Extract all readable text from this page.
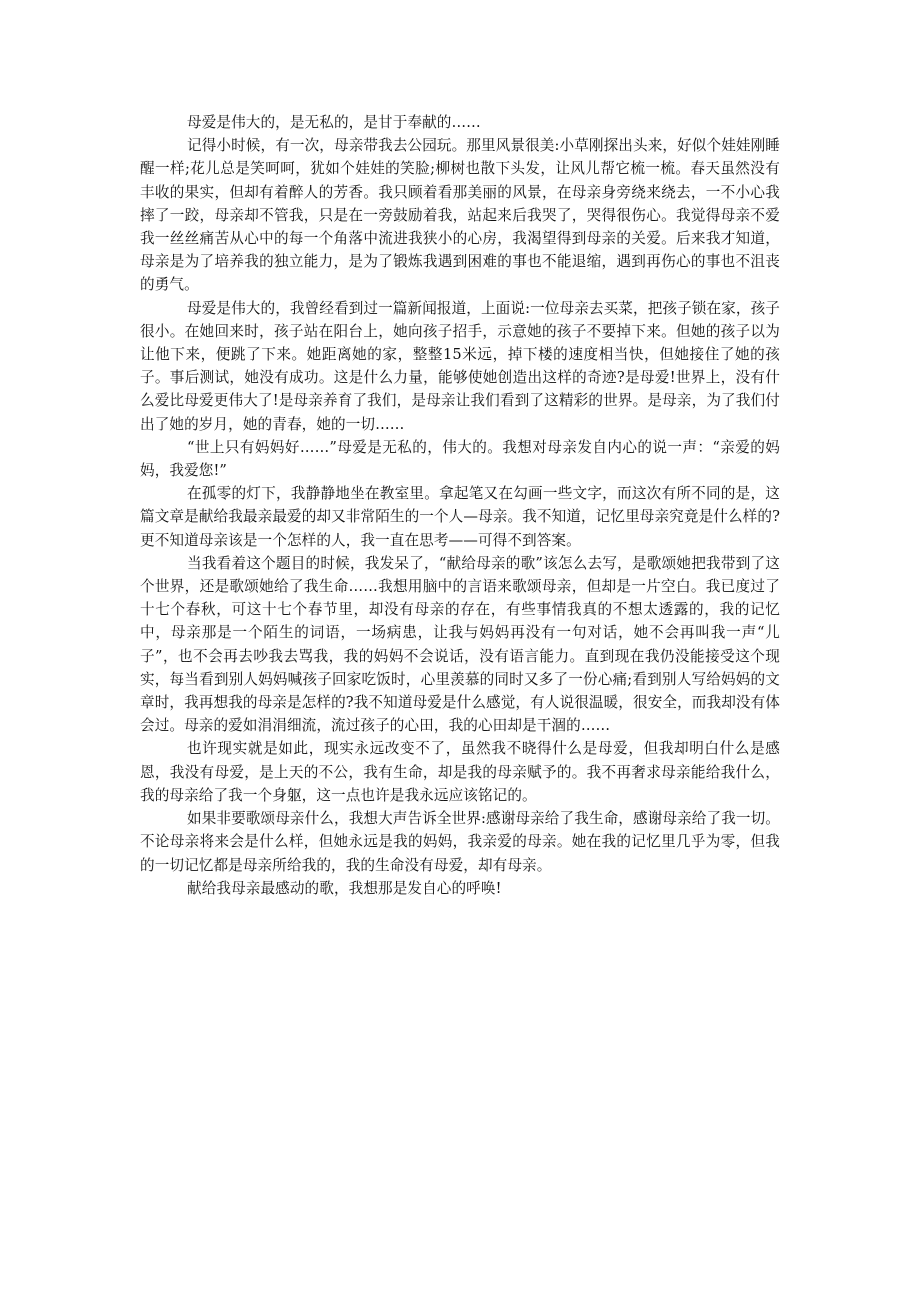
母爱是伟大的，是无私的，是甘于奉献的……

记得小时候，有一次，母亲带我去公园玩。那里风景很美:小草刚探出头来，好似个娃娃刚睡醒一样;花儿总是笑呵呵，犹如个娃娃的笑脸;柳树也散下头发，让风儿帮它梳一梳。春天虽然没有丰收的果实，但却有着醉人的芳香。我只顾着看那美丽的风景，在母亲身旁绕来绕去，一不小心我摔了一跤，母亲却不管我，只是在一旁鼓励着我，站起来后我哭了，哭得很伤心。我觉得母亲不爱我一丝丝痛苦从心中的每一个角落中流进我狭小的心房，我渴望得到母亲的关爱。后来我才知道，母亲是为了培养我的独立能力，是为了锻炼我遇到困难的事也不能退缩，遇到再伤心的事也不沮丧的勇气。

母爱是伟大的，我曾经看到过一篇新闻报道，上面说:一位母亲去买菜，把孩子锁在家，孩子很小。在她回来时，孩子站在阳台上，她向孩子招手，示意她的孩子不要掉下来。但她的孩子以为让他下来，便跳了下来。她距离她的家，整整15米远，掉下楼的速度相当快，但她接住了她的孩子。事后测试，她没有成功。这是什么力量，能够使她创造出这样的奇迹?是母爱!世界上，没有什么爱比母爱更伟大了!是母亲养育了我们，是母亲让我们看到了这精彩的世界。是母亲，为了我们付出了她的岁月，她的青春，她的一切……

“世上只有妈妈好……”母爱是无私的，伟大的。我想对母亲发自内心的说一声：“亲爱的妈妈，我爱您!”

在孤零的灯下，我静静地坐在教室里。拿起笔又在勾画一些文字，而这次有所不同的是，这篇文章是献给我最亲最爱的却又非常陌生的一个人—母亲。我不知道，记忆里母亲究竟是什么样的?更不知道母亲该是一个怎样的人，我一直在思考——可得不到答案。

当我看着这个题目的时候，我发呆了，“献给母亲的歌”该怎么去写，是歌颂她把我带到了这个世界，还是歌颂她给了我生命……我想用脑中的言语来歌颂母亲，但却是一片空白。我已度过了十七个春秋，可这十七个春节里，却没有母亲的存在，有些事情我真的不想太透露的，我的记忆中，母亲那是一个陌生的词语，一场病患，让我与妈妈再没有一句对话，她不会再叫我一声“儿子”，也不会再去吵我去骂我，我的妈妈不会说话，没有语言能力。直到现在我仍没能接受这个现实，每当看到别人妈妈喊孩子回家吃饭时，心里羡慕的同时又多了一份心痛;看到别人写给妈妈的文章时，我再想我的母亲是怎样的?我不知道母爱是什么感觉，有人说很温暖，很安全，而我却没有体会过。母亲的爱如涓涓细流，流过孩子的心田，我的心田却是干涸的……

也许现实就是如此，现实永远改变不了，虽然我不晓得什么是母爱，但我却明白什么是感恩，我没有母爱，是上天的不公，我有生命，却是我的母亲赋予的。我不再奢求母亲能给我什么，我的母亲给了我一个身躯，这一点也许是我永远应该铭记的。

如果非要歌颂母亲什么，我想大声告诉全世界:感谢母亲给了我生命，感谢母亲给了我一切。不论母亲将来会是什么样，但她永远是我的妈妈，我亲爱的母亲。她在我的记忆里几乎为零，但我的一切记忆都是母亲所给我的，我的生命没有母爱，却有母亲。

献给我母亲最感动的歌，我想那是发自心的呼唤!
